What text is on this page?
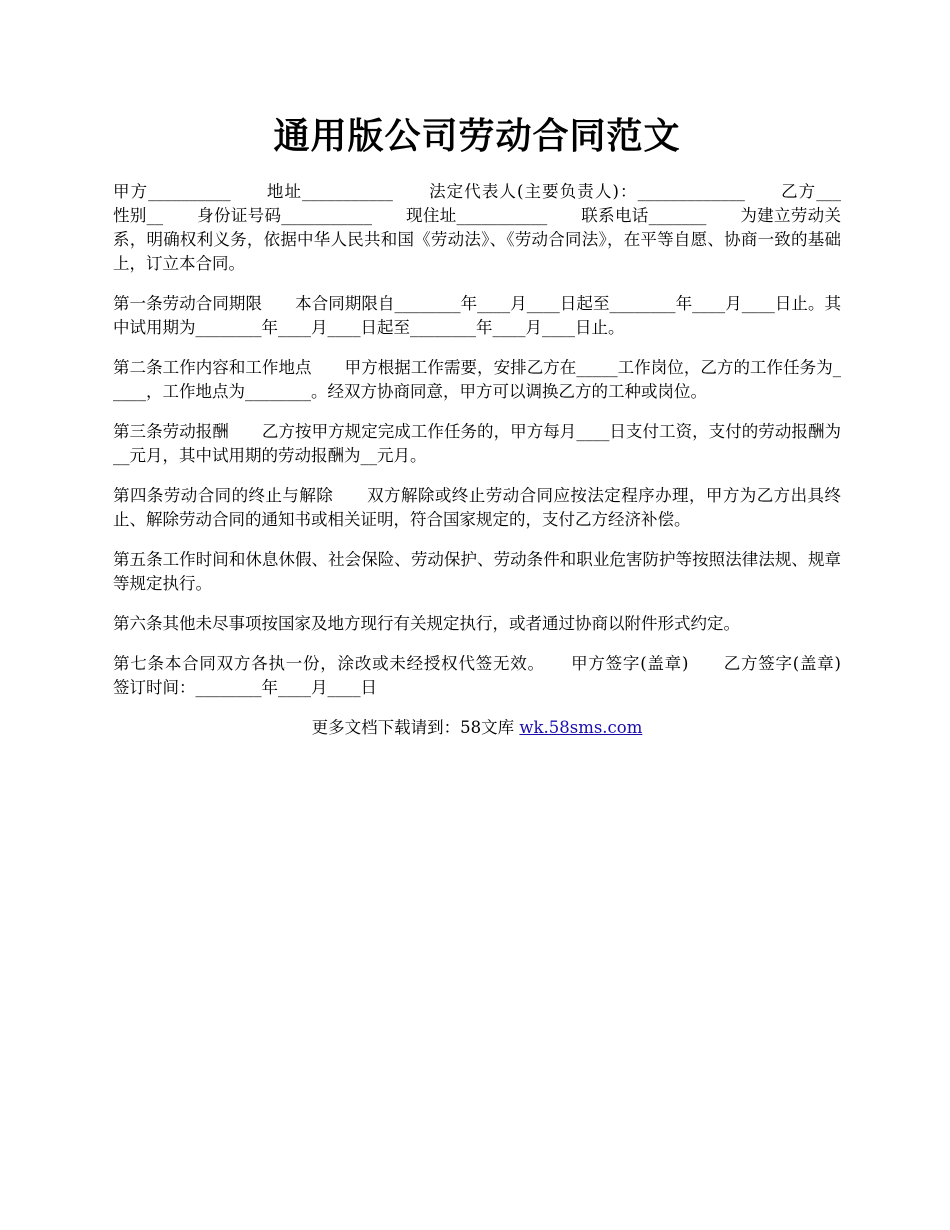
通用版公司劳动合同范文

甲方__________　　地址___________　　法定代表人(主要负责人)：_____________　　乙方___　　性别__　　身份证号码___________　　现住址___________　　联系电话_______　　为建立劳动关系，明确权利义务，依据中华人民共和国《劳动法》、《劳动合同法》，在平等自愿、协商一致的基础上，订立本合同。

第一条劳动合同期限　　本合同期限自________年____月____日起至________年____月____日止。其中试用期为________年____月____日起至________年____月____日止。

第二条工作内容和工作地点　　甲方根据工作需要，安排乙方在_____工作岗位，乙方的工作任务为_____，工作地点为________。经双方协商同意，甲方可以调换乙方的工种或岗位。

第三条劳动报酬　　乙方按甲方规定完成工作任务的，甲方每月____日支付工资，支付的劳动报酬为__元月，其中试用期的劳动报酬为__元月。

第四条劳动合同的终止与解除　　双方解除或终止劳动合同应按法定程序办理，甲方为乙方出具终止、解除劳动合同的通知书或相关证明，符合国家规定的，支付乙方经济补偿。

第五条工作时间和休息休假、社会保险、劳动保护、劳动条件和职业危害防护等按照法律法规、规章等规定执行。

第六条其他未尽事项按国家及地方现行有关规定执行，或者通过协商以附件形式约定。

第七条本合同双方各执一份，涂改或未经授权代签无效。　　甲方签字(盖章)　　乙方签字(盖章)　　签订时间：________年____月____日

更多文档下载请到：58文库 wk.58sms.com
